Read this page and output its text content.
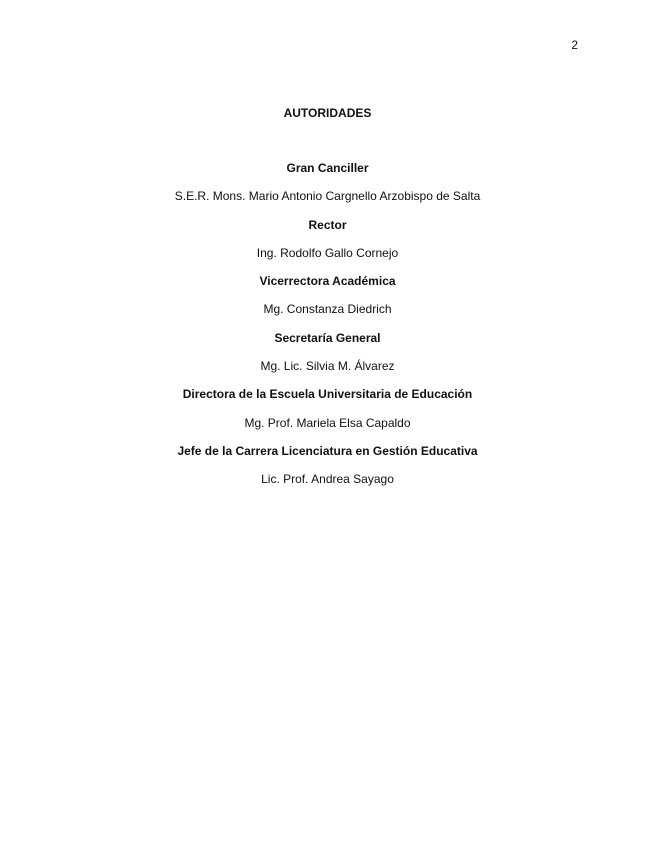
2
AUTORIDADES
Gran Canciller
S.E.R. Mons. Mario Antonio Cargnello Arzobispo de Salta
Rector
Ing. Rodolfo Gallo Cornejo
Vicerrectora Académica
Mg. Constanza Diedrich
Secretaría General
Mg. Lic. Silvia M. Álvarez
Directora de la Escuela Universitaria de Educación
Mg. Prof. Mariela Elsa Capaldo
Jefe de la Carrera Licenciatura en Gestión Educativa
Lic. Prof. Andrea Sayago
